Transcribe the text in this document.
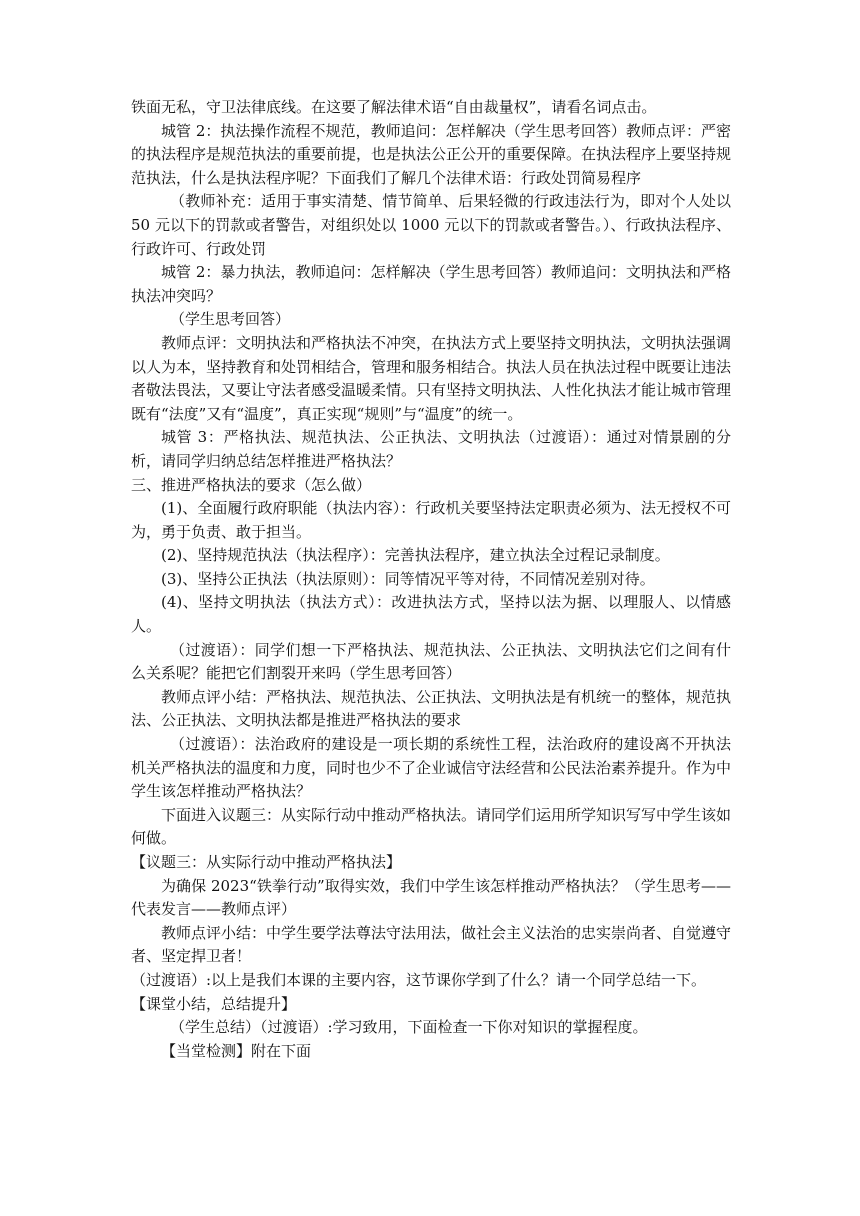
铁面无私，守卫法律底线。在这要了解法律术语“自由裁量权”，请看名词点击。

城管 2：执法操作流程不规范，教师追问：怎样解决（学生思考回答）教师点评：严密的执法程序是规范执法的重要前提，也是执法公正公开的重要保障。在执法程序上要坚持规范执法，什么是执法程序呢？下面我们了解几个法律术语：行政处罚简易程序

（教师补充：适用于事实清楚、情节简单、后果轻微的行政违法行为，即对个人处以 50 元以下的罚款或者警告，对组织处以 1000 元以下的罚款或者警告。）、行政执法程序、行政许可、行政处罚

城管 2：暴力执法，教师追问：怎样解决（学生思考回答）教师追问：文明执法和严格执法冲突吗？

（学生思考回答）

教师点评：文明执法和严格执法不冲突，在执法方式上要坚持文明执法，文明执法强调以人为本，坚持教育和处罚相结合，管理和服务相结合。执法人员在执法过程中既要让违法者敬法畏法，又要让守法者感受温暖柔情。只有坚持文明执法、人性化执法才能让城市管理既有“法度”又有“温度”，真正实现“规则”与“温度”的统一。

城管 3：严格执法、规范执法、公正执法、文明执法（过渡语）：通过对情景剧的分析，请同学归纳总结怎样推进严格执法？

三、推进严格执法的要求（怎么做）

(1)、全面履行政府职能（执法内容）：行政机关要坚持法定职责必须为、法无授权不可为，勇于负责、敢于担当。

(2)、坚持规范执法（执法程序）：完善执法程序，建立执法全过程记录制度。

(3)、坚持公正执法（执法原则）：同等情况平等对待，不同情况差别对待。

(4)、坚持文明执法（执法方式）：改进执法方式，坚持以法为据、以理服人、以情感人。

（过渡语）：同学们想一下严格执法、规范执法、公正执法、文明执法它们之间有什么关系呢？能把它们割裂开来吗（学生思考回答）

教师点评小结：严格执法、规范执法、公正执法、文明执法是有机统一的整体，规范执法、公正执法、文明执法都是推进严格执法的要求

（过渡语）：法治政府的建设是一项长期的系统性工程，法治政府的建设离不开执法机关严格执法的温度和力度，同时也少不了企业诚信守法经营和公民法治素养提升。作为中学生该怎样推动严格执法？

下面进入议题三：从实际行动中推动严格执法。请同学们运用所学知识写写中学生该如何做。

【议题三：从实际行动中推动严格执法】

为确保 2023“铁拳行动”取得实效，我们中学生该怎样推动严格执法？（学生思考——代表发言——教师点评）

教师点评小结：中学生要学法尊法守法用法，做社会主义法治的忠实崇尚者、自觉遵守者、坚定捍卫者！

（过渡语）:以上是我们本课的主要内容，这节课你学到了什么？请一个同学总结一下。

【课堂小结，总结提升】

（学生总结）（过渡语）:学习致用，下面检查一下你对知识的掌握程度。

【当堂检测】附在下面
